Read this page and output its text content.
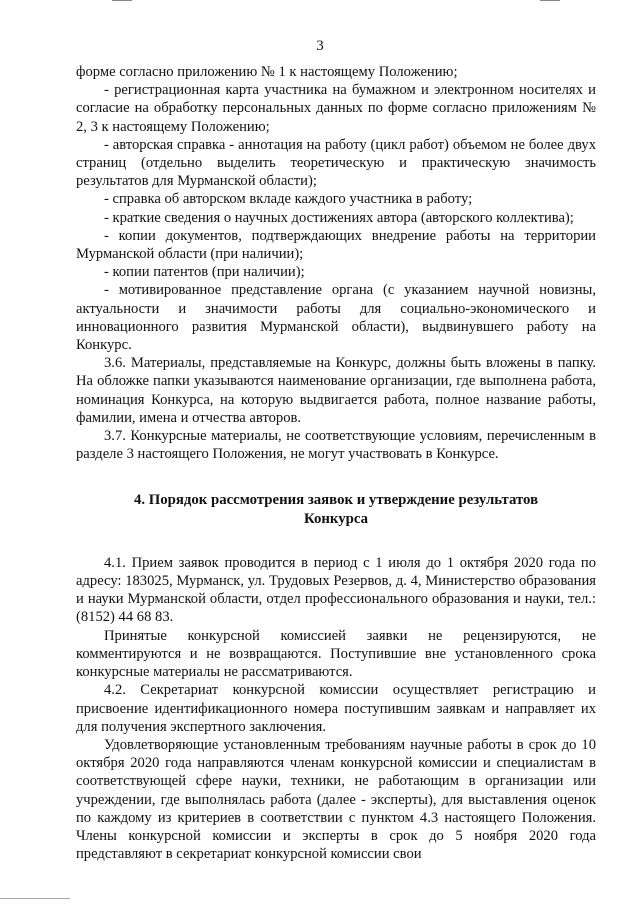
3

форме согласно приложению № 1 к настоящему Положению;

- регистрационная карта участника на бумажном и электронном носителях и согласие на обработку персональных данных по форме согласно приложениям № 2, 3 к настоящему Положению;

- авторская справка - аннотация на работу (цикл работ) объемом не более двух страниц (отдельно выделить теоретическую и практическую значимость результатов для Мурманской области);

- справка об авторском вкладе каждого участника в работу;

- краткие сведения о научных достижениях автора (авторского коллектива);

- копии документов, подтверждающих внедрение работы на территории Мурманской области (при наличии);

- копии патентов (при наличии);

- мотивированное представление органа (с указанием научной новизны, актуальности и значимости работы для социально-экономического и инновационного развития Мурманской области), выдвинувшего работу на Конкурс.

3.6. Материалы, представляемые на Конкурс, должны быть вложены в папку. На обложке папки указываются наименование организации, где выполнена работа, номинация Конкурса, на которую выдвигается работа, полное название работы, фамилии, имена и отчества авторов.

3.7. Конкурсные материалы, не соответствующие условиям, перечисленным в разделе 3 настоящего Положения, не могут участвовать в Конкурсе.

4. Порядок рассмотрения заявок и утверждение результатов
Конкурса

4.1. Прием заявок проводится в период с 1 июля до 1 октября 2020 года по адресу: 183025, Мурманск, ул. Трудовых Резервов, д. 4, Министерство образования и науки Мурманской области, отдел профессионального образования и науки, тел.: (8152) 44 68 83.

Принятые конкурсной комиссией заявки не рецензируются, не комментируются и не возвращаются. Поступившие вне установленного срока конкурсные материалы не рассматриваются.

4.2. Секретариат конкурсной комиссии осуществляет регистрацию и присвоение идентификационного номера поступившим заявкам и направляет их для получения экспертного заключения.

Удовлетворяющие установленным требованиям научные работы в срок до 10 октября 2020 года направляются членам конкурсной комиссии и специалистам в соответствующей сфере науки, техники, не работающим в организации или учреждении, где выполнялась работа (далее - эксперты), для выставления оценок по каждому из критериев в соответствии с пунктом 4.3 настоящего Положения. Члены конкурсной комиссии и эксперты в срок до 5 ноября 2020 года представляют в секретариат конкурсной комиссии свои
